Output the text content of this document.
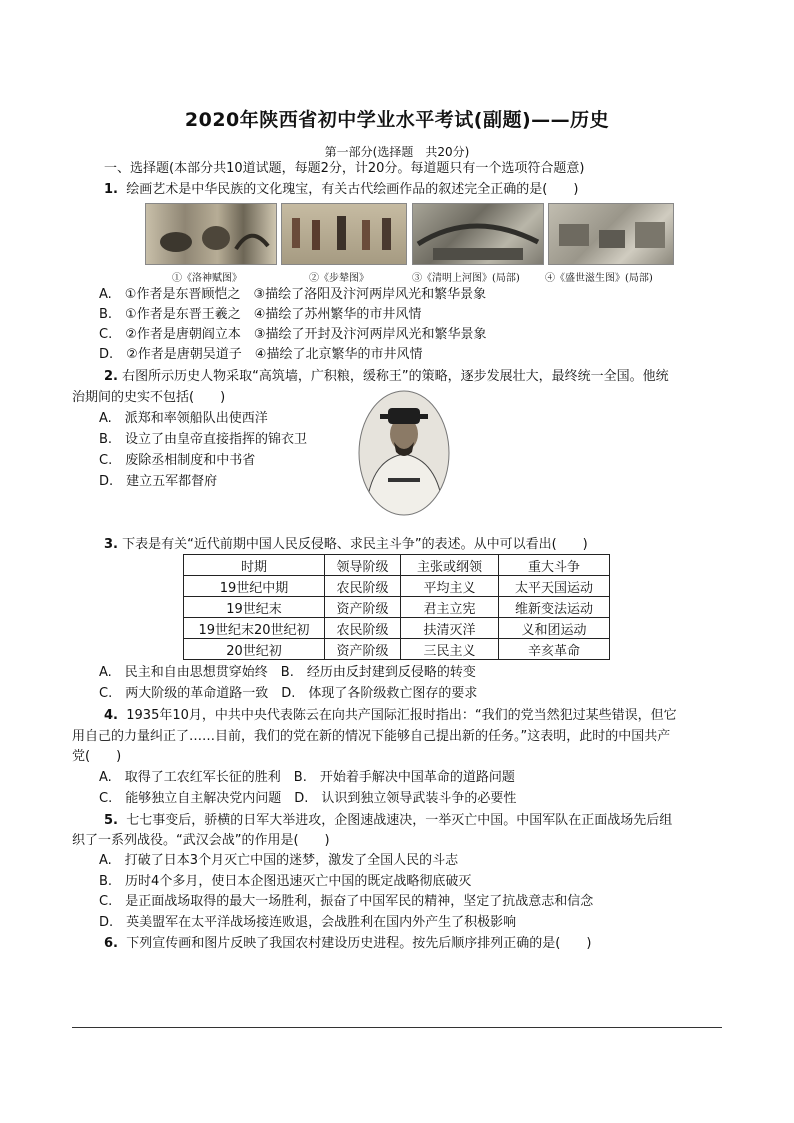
2020年陕西省初中学业水平考试(副题)——历史
第一部分(选择题　共20分)
一、选择题(本部分共10道试题，每题2分，计20分。每道题只有一个选项符合题意)
1. 绘画艺术是中华民族的文化瑰宝，有关古代绘画作品的叙述完全正确的是(　　)
①《洛神赋图》	②《步辇图》	③《清明上河图》(局部)	④《盛世滋生图》(局部)
A.　①作者是东晋顾恺之　③描绘了洛阳及汴河两岸风光和繁华景象
B.　①作者是东晋王羲之　④描绘了苏州繁华的市井风情
C.　②作者是唐朝阎立本　③描绘了开封及汴河两岸风光和繁华景象
D.　②作者是唐朝吴道子　④描绘了北京繁华的市井风情
2. 右图所示历史人物采取“高筑墙，广积粮，缓称王”的策略，逐步发展壮大，最终统一全国。他统
治期间的史实不包括(　　)
A.　派郑和率领船队出使西洋
B.　设立了由皇帝直接指挥的锦衣卫
C.　废除丞相制度和中书省
D.　建立五军都督府
3. 下表是有关“近代前期中国人民反侵略、求民主斗争”的表述。从中可以看出(　　)
时期	领导阶级	主张或纲领	重大斗争
19世纪中期	农民阶级	平均主义	太平天国运动
19世纪末	资产阶级	君主立宪	维新变法运动
19世纪末20世纪初	农民阶级	扶清灭洋	义和团运动
20世纪初	资产阶级	三民主义	辛亥革命
A.　民主和自由思想贯穿始终　B.　经历由反封建到反侵略的转变
C.　两大阶级的革命道路一致　D.　体现了各阶级救亡图存的要求
4. 1935年10月，中共中央代表陈云在向共产国际汇报时指出：“我们的党当然犯过某些错误，但它
用自己的力量纠正了……目前，我们的党在新的情况下能够自己提出新的任务。”这表明，此时的中国共产
党(　　)
A.　取得了工农红军长征的胜利　B.　开始着手解决中国革命的道路问题
C.　能够独立自主解决党内问题　D.　认识到独立领导武装斗争的必要性
5. 七七事变后，骄横的日军大举进攻，企图速战速决，一举灭亡中国。中国军队在正面战场先后组
织了一系列战役。“武汉会战”的作用是(　　)
A.　打破了日本3个月灭亡中国的迷梦，激发了全国人民的斗志
B.　历时4个多月，使日本企图迅速灭亡中国的既定战略彻底破灭
C.　是正面战场取得的最大一场胜利，振奋了中国军民的精神，坚定了抗战意志和信念
D.　英美盟军在太平洋战场接连败退，会战胜利在国内外产生了积极影响
6. 下列宣传画和图片反映了我国农村建设历史进程。按先后顺序排列正确的是(　　)
